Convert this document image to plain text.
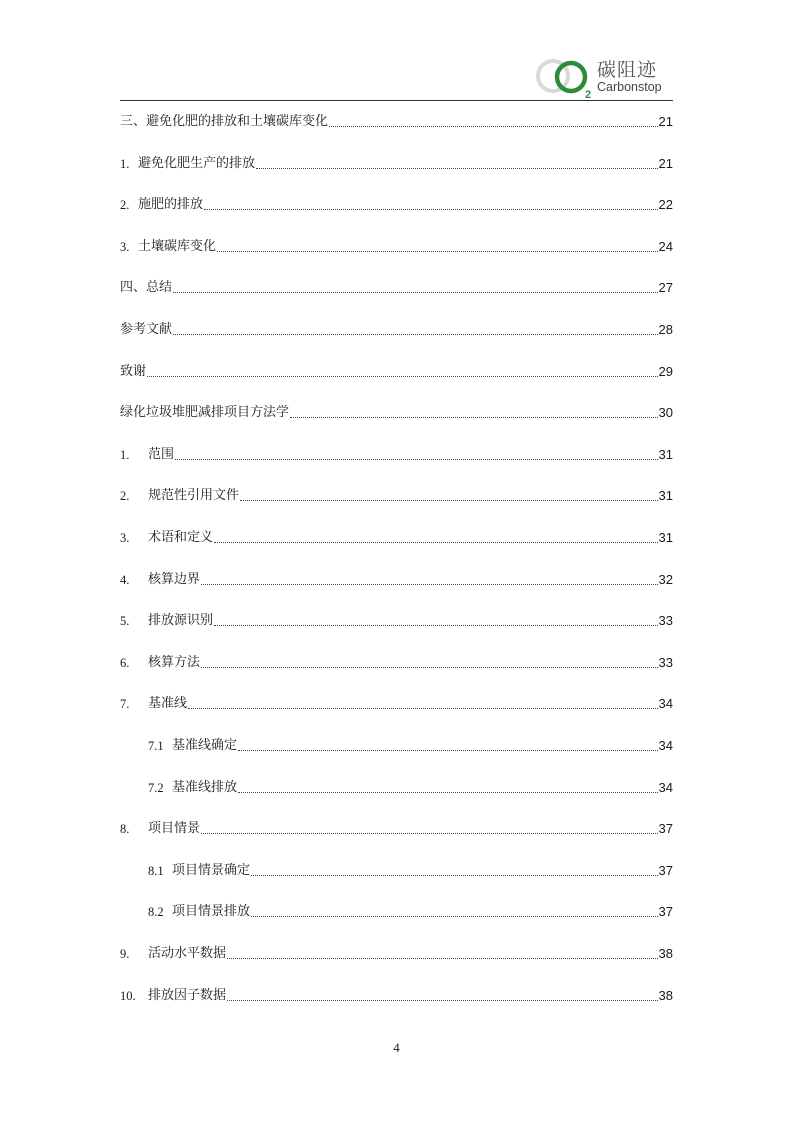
2
碳阻迹
Carbonstop
三、避免化肥的排放和土壤碳库变化	21
1. 避免化肥生产的排放	21
2. 施肥的排放	22
3. 土壤碳库变化	24
四、总结	27
参考文献	28
致谢	29
绿化垃圾堆肥减排项目方法学	30
1.	范围	31
2.	规范性引用文件	31
3.	术语和定义	31
4.	核算边界	32
5.	排放源识别	33
6.	核算方法	33
7.	基准线	34
7.1 基准线确定	34
7.2 基准线排放	34
8.	项目情景	37
8.1 项目情景确定	37
8.2 项目情景排放	37
9.	活动水平数据	38
10. 排放因子数据	38
4
